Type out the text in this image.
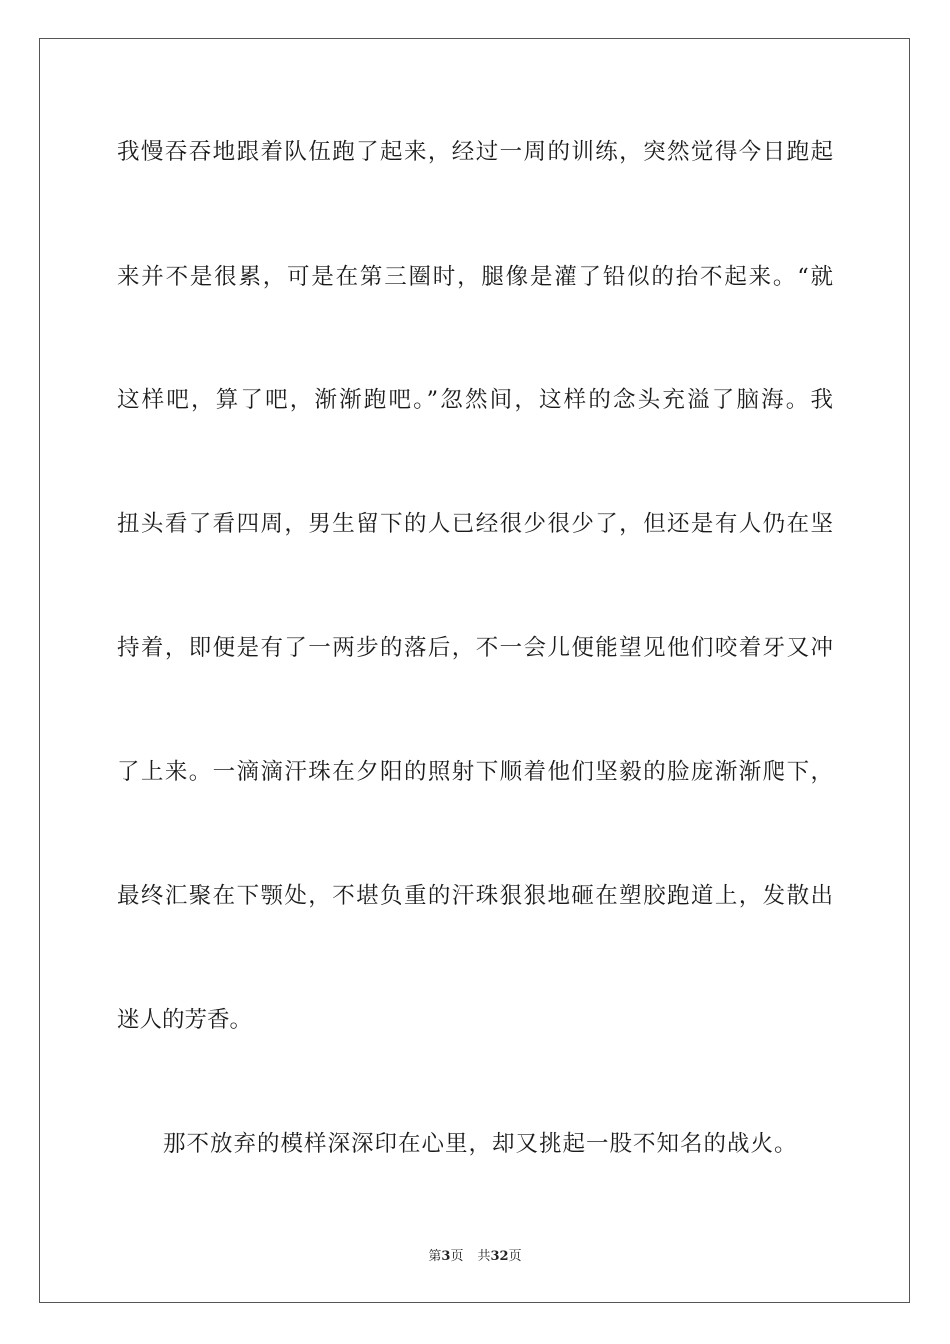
我慢吞吞地跟着队伍跑了起来，经过一周的训练，突然觉得今日跑起
来并不是很累，可是在第三圈时，腿像是灌了铅似的抬不起来。“就
这样吧，算了吧，渐渐跑吧。”忽然间，这样的念头充溢了脑海。我
扭头看了看四周，男生留下的人已经很少很少了，但还是有人仍在坚
持着，即便是有了一两步的落后，不一会儿便能望见他们咬着牙又冲
了上来。一滴滴汗珠在夕阳的照射下顺着他们坚毅的脸庞渐渐爬下，
最终汇聚在下颚处，不堪负重的汗珠狠狠地砸在塑胶跑道上，发散出
迷人的芳香。
那不放弃的模样深深印在心里，却又挑起一股不知名的战火。
第3页 共32页
